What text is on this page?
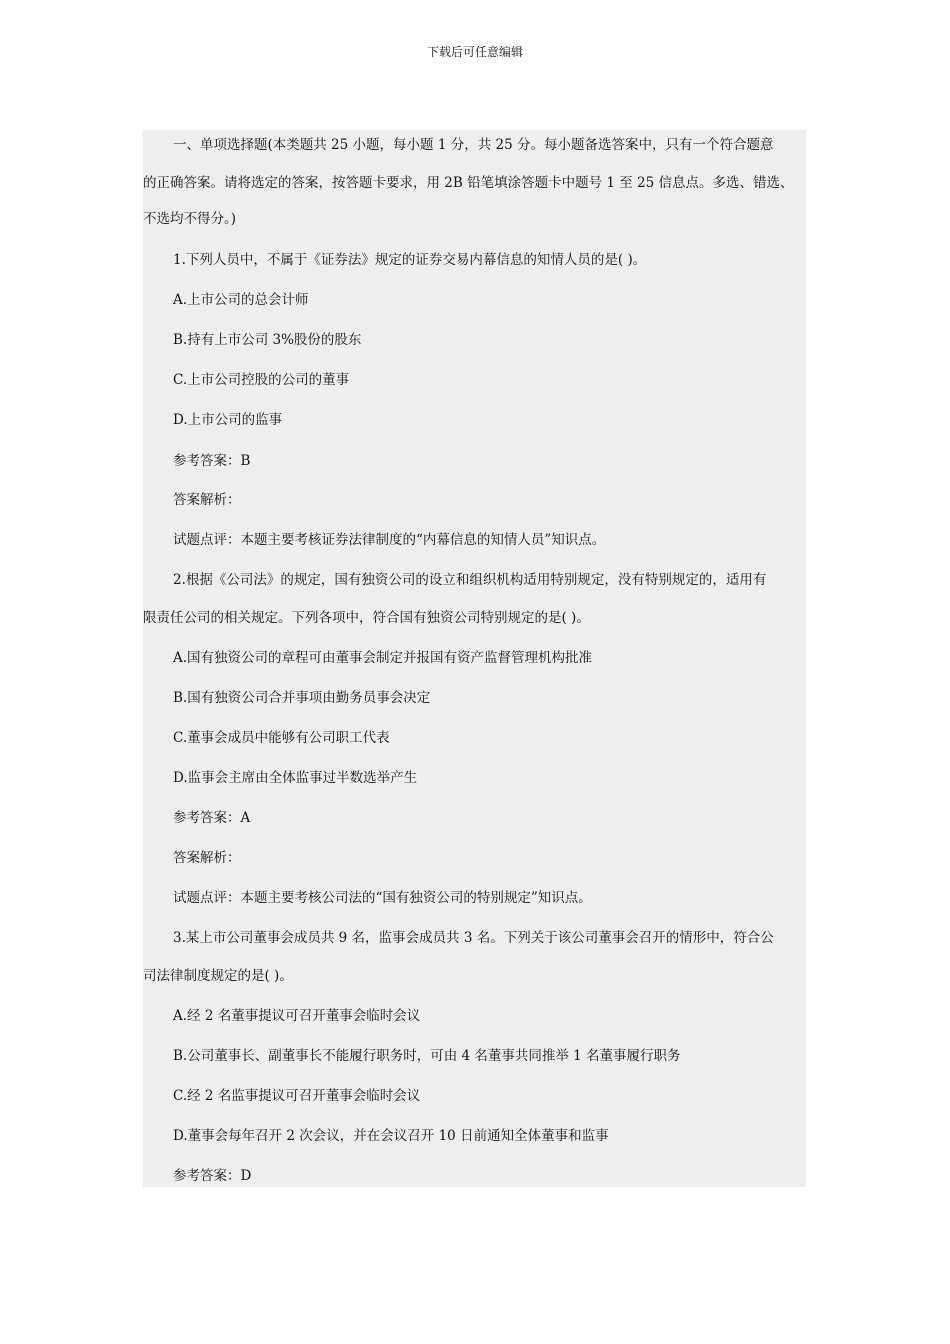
下载后可任意编辑
一、单项选择题(本类题共 25 小题，每小题 1 分，共 25 分。每小题备选答案中，只有一个符合题意
的正确答案。请将选定的答案，按答题卡要求，用 2B 铅笔填涂答题卡中题号 1 至 25 信息点。多选、错选、
不选均不得分。)
1.下列人员中，不属于《证券法》规定的证券交易内幕信息的知情人员的是( )。
A.上市公司的总会计师
B.持有上市公司 3%股份的股东
C.上市公司控股的公司的董事
D.上市公司的监事
参考答案：B
答案解析：
试题点评：本题主要考核证券法律制度的“内幕信息的知情人员”知识点。
2.根据《公司法》的规定，国有独资公司的设立和组织机构适用特别规定，没有特别规定的，适用有
限责任公司的相关规定。下列各项中，符合国有独资公司特别规定的是( )。
A.国有独资公司的章程可由董事会制定并报国有资产监督管理机构批准
B.国有独资公司合并事项由勤务员事会决定
C.董事会成员中能够有公司职工代表
D.监事会主席由全体监事过半数选举产生
参考答案：A
答案解析：
试题点评：本题主要考核公司法的“国有独资公司的特别规定”知识点。
3.某上市公司董事会成员共 9 名，监事会成员共 3 名。下列关于该公司董事会召开的情形中，符合公
司法律制度规定的是( )。
A.经 2 名董事提议可召开董事会临时会议
B.公司董事长、副董事长不能履行职务时，可由 4 名董事共同推举 1 名董事履行职务
C.经 2 名监事提议可召开董事会临时会议
D.董事会每年召开 2 次会议，并在会议召开 10 日前通知全体董事和监事
参考答案：D
